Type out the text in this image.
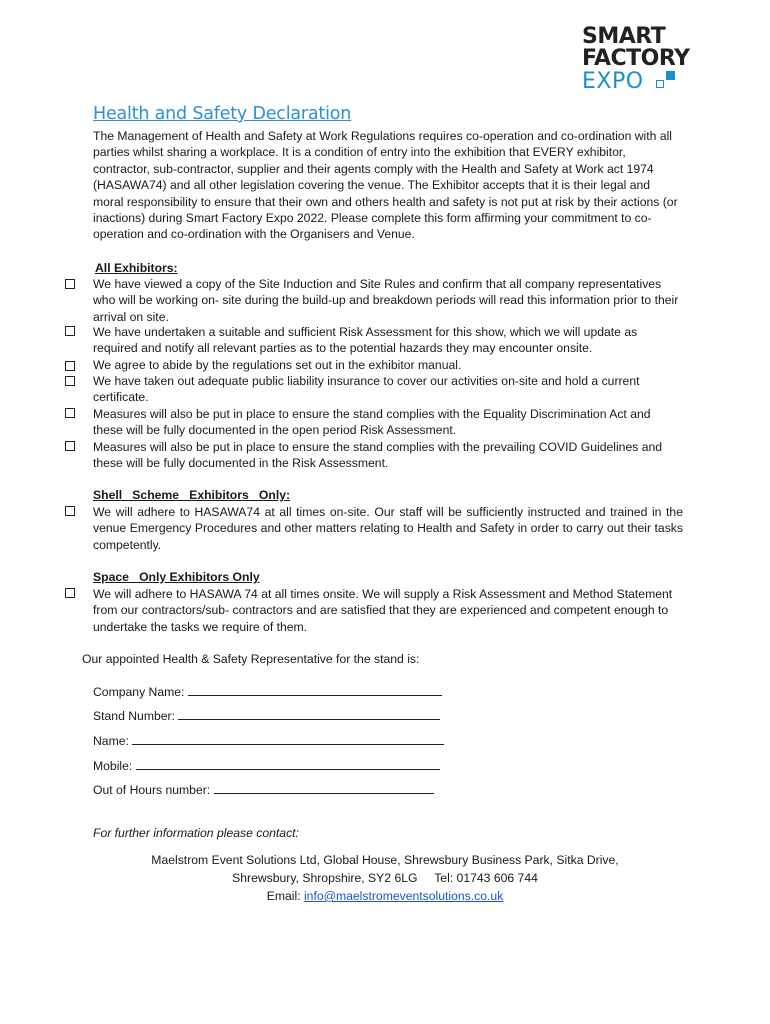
SMART
FACTORY
EXPO
Health and Safety Declaration

The Management of Health and Safety at Work Regulations requires co-operation and co-ordination with all parties whilst sharing a workplace. It is a condition of entry into the exhibition that EVERY exhibitor, contractor, sub-contractor, supplier and their agents comply with the Health and Safety at Work act 1974 (HASAWA74) and all other legislation covering the venue. The Exhibitor accepts that it is their legal and moral responsibility to ensure that their own and others health and safety is not put at risk by their actions (or inactions) during Smart Factory Expo 2022. Please complete this form affirming your commitment to co-operation and co-ordination with the Organisers and Venue.

All Exhibitors:
We have viewed a copy of the Site Induction and Site Rules and confirm that all company representatives who will be working on- site during the build-up and breakdown periods will read this information prior to their arrival on site.
We have undertaken a suitable and sufficient Risk Assessment for this show, which we will update as required and notify all relevant parties as to the potential hazards they may encounter onsite.
We agree to abide by the regulations set out in the exhibitor manual.
We have taken out adequate public liability insurance to cover our activities on-site and hold a current certificate.
Measures will also be put in place to ensure the stand complies with the Equality Discrimination Act and these will be fully documented in the open period Risk Assessment.
Measures will also be put in place to ensure the stand complies with the prevailing COVID Guidelines and these will be fully documented in the Risk Assessment.
Shell   Scheme   Exhibitors   Only:
We will adhere to HASAWA74 at all times on-site. Our staff will be sufficiently instructed and trained in the venue Emergency Procedures and other matters relating to Health and Safety in order to carry out their tasks competently.
Space   Only Exhibitors Only
We will adhere to HASAWA 74 at all times onsite. We will supply a Risk Assessment and Method Statement from our contractors/sub- contractors and are satisfied that they are experienced and competent enough to undertake the tasks we require of them.
Our appointed Health & Safety Representative for the stand is:
Company Name:
Stand Number:
Name:
Mobile:
Out of Hours number:
For further information please contact:
Maelstrom Event Solutions Ltd, Global House, Shrewsbury Business Park, Sitka Drive,
Shrewsbury, Shropshire, SY2 6LG     Tel: 01743 606 744
Email: info@maelstromeventsolutions.co.uk
